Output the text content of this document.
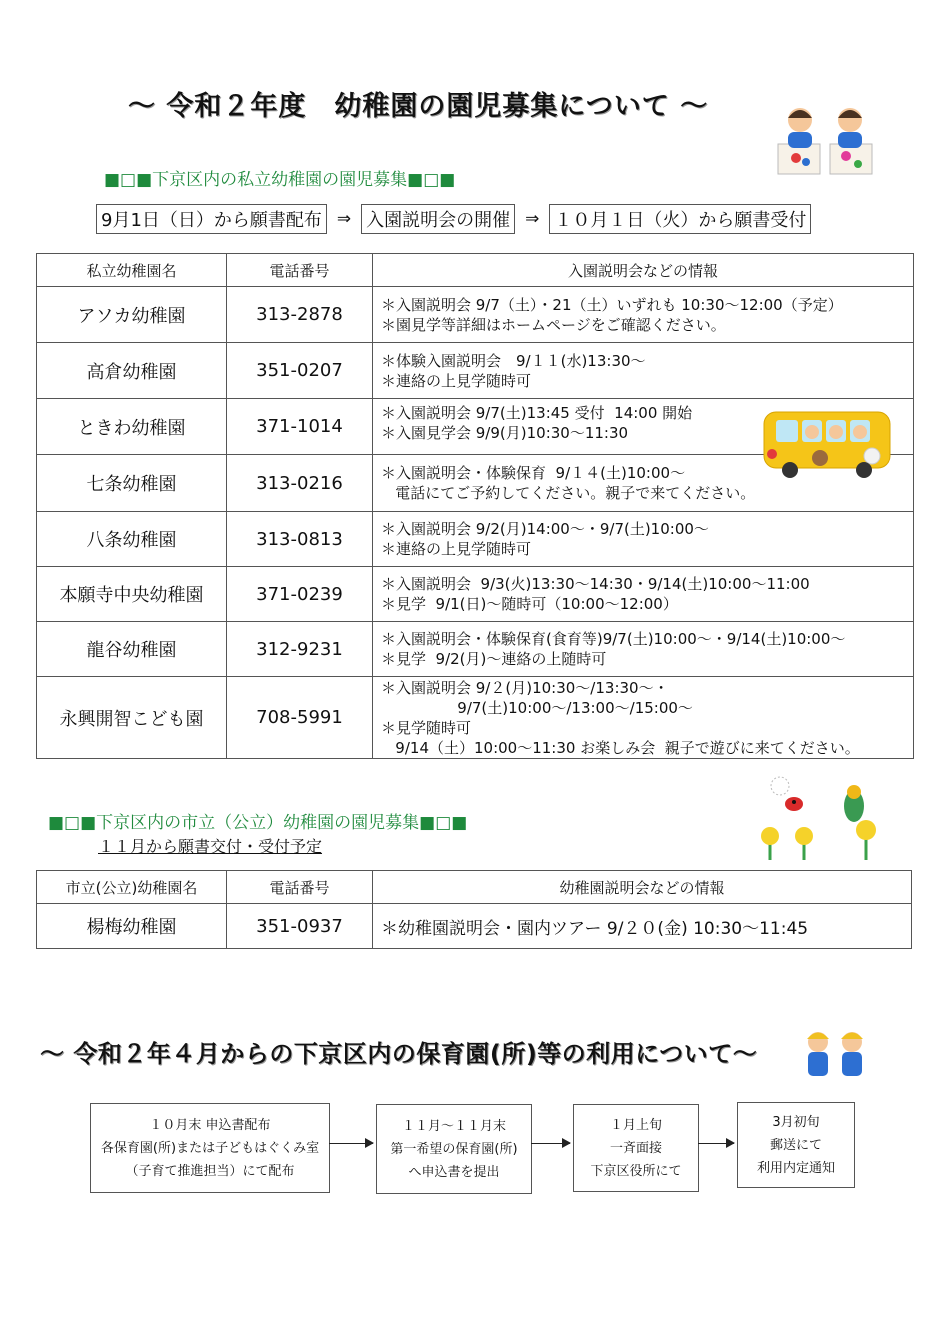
～ 令和２年度　幼稚園の園児募集について ～
■□■下京区内の私立幼稚園の園児募集■□■
9月1日（日）から願書配布 ⇒ 入園説明会の開催 ⇒ １０月１日（火）から願書受付
私立幼稚園名	電話番号	入園説明会などの情報
アソカ幼稚園	313-2878	＊入園説明会 9/7（土）・21（土）いずれも 10:30～12:00（予定）
＊園見学等詳細はホームページをご確認ください。

高倉幼稚園	351-0207	＊体験入園説明会　9/１１(水)13:30～
＊連絡の上見学随時可

ときわ幼稚園	371-1014	＊入園説明会 9/7(土)13:45 受付  14:00 開始
＊入園見学会 9/9(月)10:30～11:30

七条幼稚園	313-0216	＊入園説明会・体験保育  9/１４(土)10:00～
電話にてご予約してください。親子で来てください。

八条幼稚園	313-0813	＊入園説明会 9/2(月)14:00～・9/7(土)10:00～
＊連絡の上見学随時可

本願寺中央幼稚園	371-0239	＊入園説明会  9/3(火)13:30～14:30・9/14(土)10:00～11:00
＊見学  9/1(日)～随時可（10:00～12:00）

龍谷幼稚園	312-9231	＊入園説明会・体験保育(食育等)9/7(土)10:00～・9/14(土)10:00～
＊見学  9/2(月)～連絡の上随時可

永興開智こども園	708-5991	＊入園説明会 9/２(月)10:30～/13:30～・
9/7(土)10:00～/13:00～/15:00～
＊見学随時可
9/14（土）10:00～11:30 お楽しみ会  親子で遊びに来てください。
■□■下京区内の市立（公立）幼稚園の園児募集■□■
１１月から願書交付・受付予定
市立(公立)幼稚園名	電話番号	幼稚園説明会などの情報
楊梅幼稚園	351-0937	＊幼稚園説明会・園内ツアー 9/２０(金) 10:30～11:45
～ 令和２年４月からの下京区内の保育園(所)等の利用について～
１０月末 申込書配布
各保育園(所)または子どもはぐくみ室
（子育て推進担当）にて配布
１１月～１１月末
第一希望の保育園(所)
へ申込書を提出
１月上旬
一斉面接
下京区役所にて
3月初旬
郵送にて
利用内定通知
